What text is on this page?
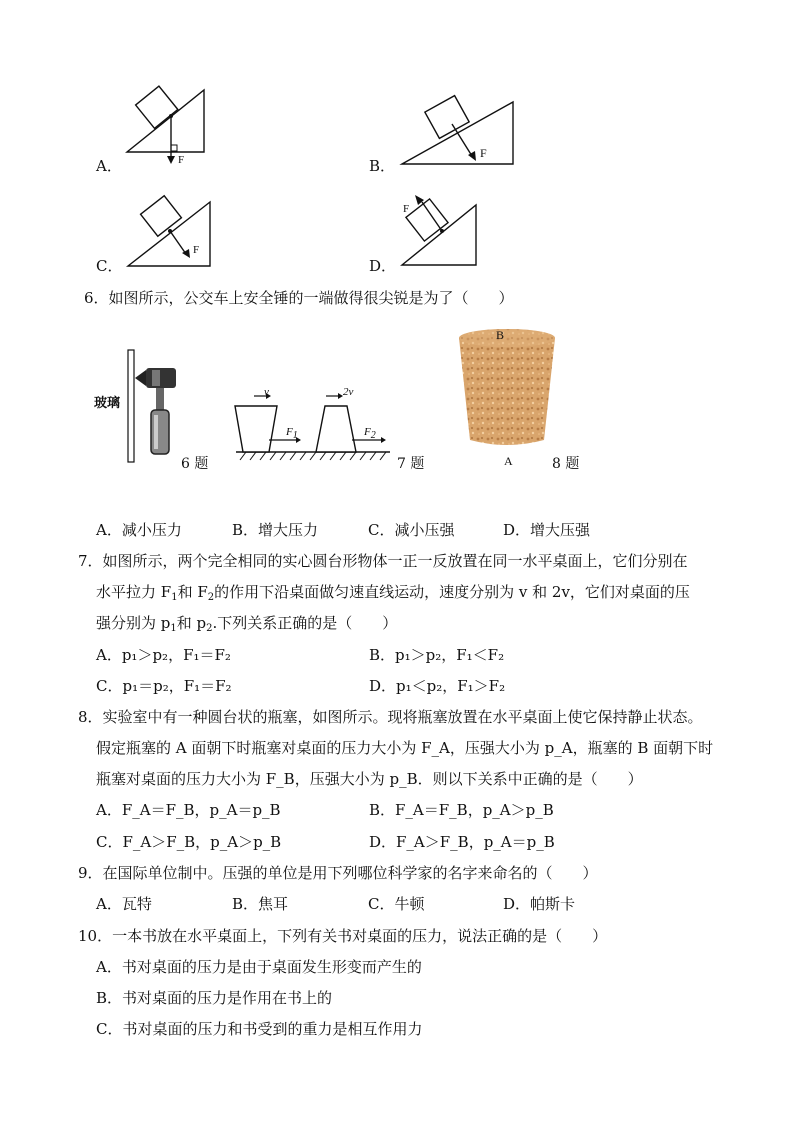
A．	F	B．
F
C．
F
D．
F
6．如图所示，公交车上安全锤的一端做得很尖锐是为了（　　）
玻璃
6 题
v	2v
$F_1$	$F_2$
7 题
B
A	8 题
A．减小压力	B．增大压力	C．减小压强	D．增大压强
7．如图所示，两个完全相同的实心圆台形物体一正一反放置在同一水平桌面上，它们分别在
水平拉力 $F_1$和 $F_2$的作用下沿桌面做匀速直线运动，速度分别为 v 和 2v，它们对桌面的压
强分别为 $p_1$和 $p_2$.下列关系正确的是（　　）
A．p₁＞p₂，F₁＝F₂	B．p₁＞p₂，F₁＜F₂
C．p₁＝p₂，F₁＝F₂	D．p₁＜p₂，F₁＞F₂
8．实验室中有一种圆台状的瓶塞，如图所示。现将瓶塞放置在水平桌面上使它保持静止状态。
假定瓶塞的 A 面朝下时瓶塞对桌面的压力大小为 F_A，压强大小为 p_A，瓶塞的 B 面朝下时
瓶塞对桌面的压力大小为 F_B，压强大小为 p_B．则以下关系中正确的是（　　）
A．F_A＝F_B，p_A＝p_B	B．F_A＝F_B，p_A＞p_B
C．F_A＞F_B，p_A＞p_B	D．F_A＞F_B，p_A＝p_B
9．在国际单位制中。压强的单位是用下列哪位科学家的名字来命名的（　　）
A．瓦特	B．焦耳	C．牛顿	D．帕斯卡
10．一本书放在水平桌面上，下列有关书对桌面的压力，说法正确的是（　　）
A．书对桌面的压力是由于桌面发生形变而产生的
B．书对桌面的压力是作用在书上的
C．书对桌面的压力和书受到的重力是相互作用力
